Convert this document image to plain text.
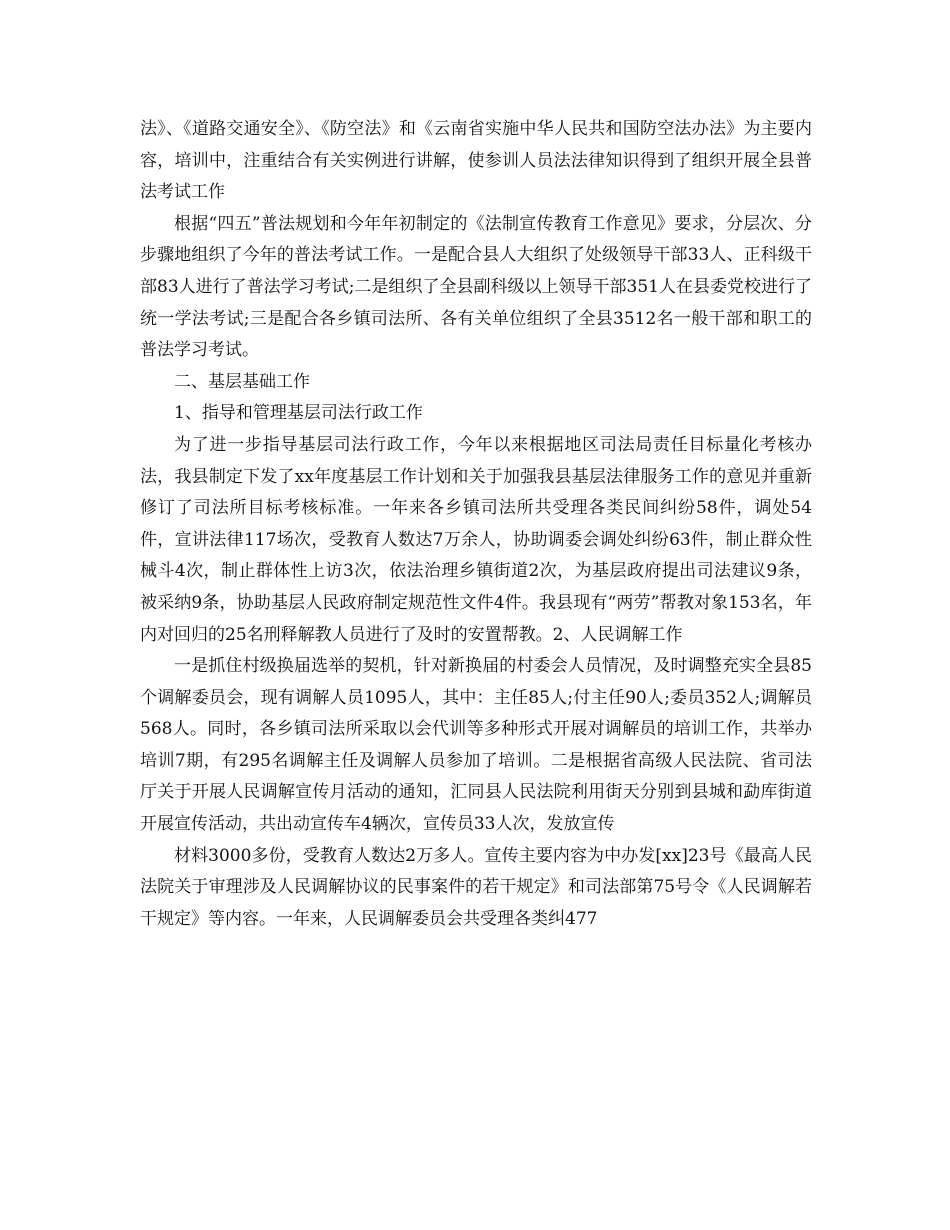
法》、《道路交通安全》、《防空法》和《云南省实施中华人民共和国防空法办法》为主要内容，培训中，注重结合有关实例进行讲解，使参训人员法法律知识得到了组织开展全县普法考试工作

根据“四五”普法规划和今年年初制定的《法制宣传教育工作意见》要求，分层次、分步骤地组织了今年的普法考试工作。一是配合县人大组织了处级领导干部33人、正科级干部83人进行了普法学习考试;二是组织了全县副科级以上领导干部351人在县委党校进行了统一学法考试;三是配合各乡镇司法所、各有关单位组织了全县3512名一般干部和职工的普法学习考试。

二、基层基础工作

1、指导和管理基层司法行政工作

为了进一步指导基层司法行政工作，今年以来根据地区司法局责任目标量化考核办法，我县制定下发了xx年度基层工作计划和关于加强我县基层法律服务工作的意见并重新修订了司法所目标考核标准。一年来各乡镇司法所共受理各类民间纠纷58件，调处54件，宣讲法律117场次，受教育人数达7万余人，协助调委会调处纠纷63件，制止群众性械斗4次，制止群体性上访3次，依法治理乡镇街道2次，为基层政府提出司法建议9条，被采纳9条，协助基层人民政府制定规范性文件4件。我县现有“两劳”帮教对象153名，年内对回归的25名刑释解教人员进行了及时的安置帮教。2、人民调解工作

一是抓住村级换届选举的契机，针对新换届的村委会人员情况，及时调整充实全县85个调解委员会，现有调解人员1095人，其中：主任85人;付主任90人;委员352人;调解员568人。同时，各乡镇司法所采取以会代训等多种形式开展对调解员的培训工作，共举办培训7期，有295名调解主任及调解人员参加了培训。二是根据省高级人民法院、省司法厅关于开展人民调解宣传月活动的通知，汇同县人民法院利用街天分别到县城和勐库街道开展宣传活动，共出动宣传车4辆次，宣传员33人次，发放宣传

材料3000多份，受教育人数达2万多人。宣传主要内容为中办发[xx]23号《最高人民法院关于审理涉及人民调解协议的民事案件的若干规定》和司法部第75号令《人民调解若干规定》等内容。一年来，人民调解委员会共受理各类纠477
